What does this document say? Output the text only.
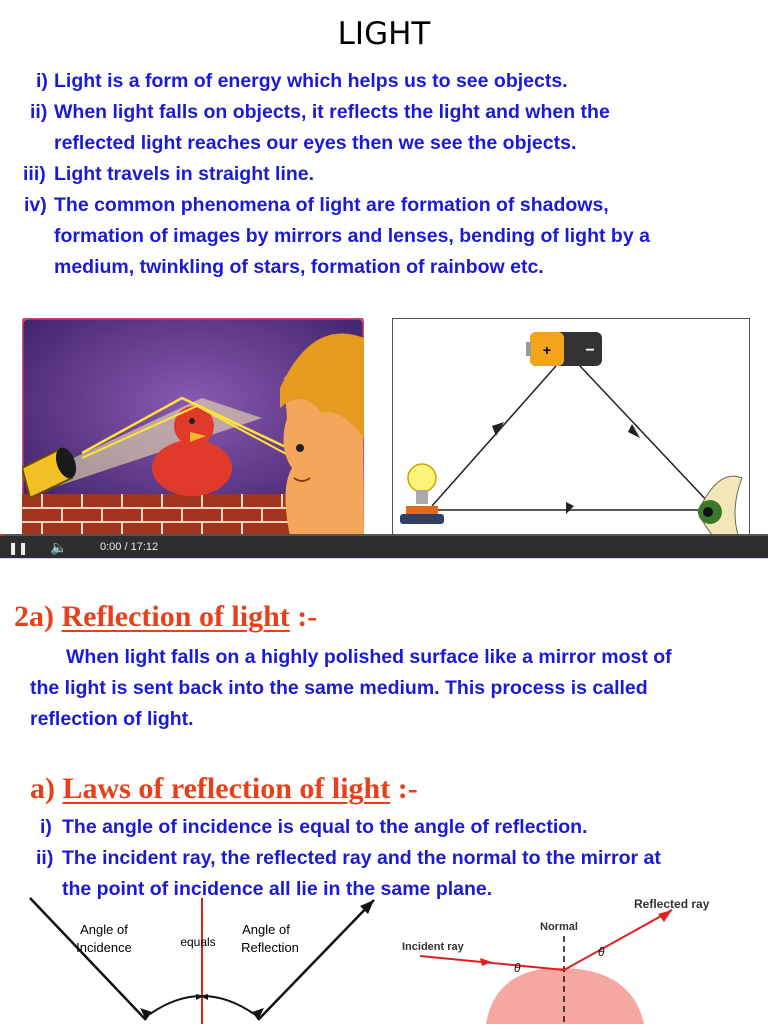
LIGHT
i) Light is a form of energy which helps us to see objects.
ii) When light falls on objects, it reflects the light and when the
reflected light reaches our eyes then we see the objects.
iii) Light travels in straight line.
iv) The common phenomena of light are formation of shadows,
formation of images by mirrors and lenses, bending of light by a
medium, twinkling of stars, formation of rainbow etc.
+ −
❚❚ 🔈	0:00 / 17:12
2a) Reflection of light :-
When light falls on a highly polished surface like a mirror most of
the light is sent back into the same medium. This process is called
reflection of light.
a) Laws of reflection of light :-
i) The angle of incidence is equal to the angle of reflection.
ii) The incident ray, the reflected ray and the normal to the mirror at
the point of incidence all lie in the same plane.
Angle of
Incidence	equals
Angle of
Reflection
Reflected ray
Normal
Incident ray
θ
θ
